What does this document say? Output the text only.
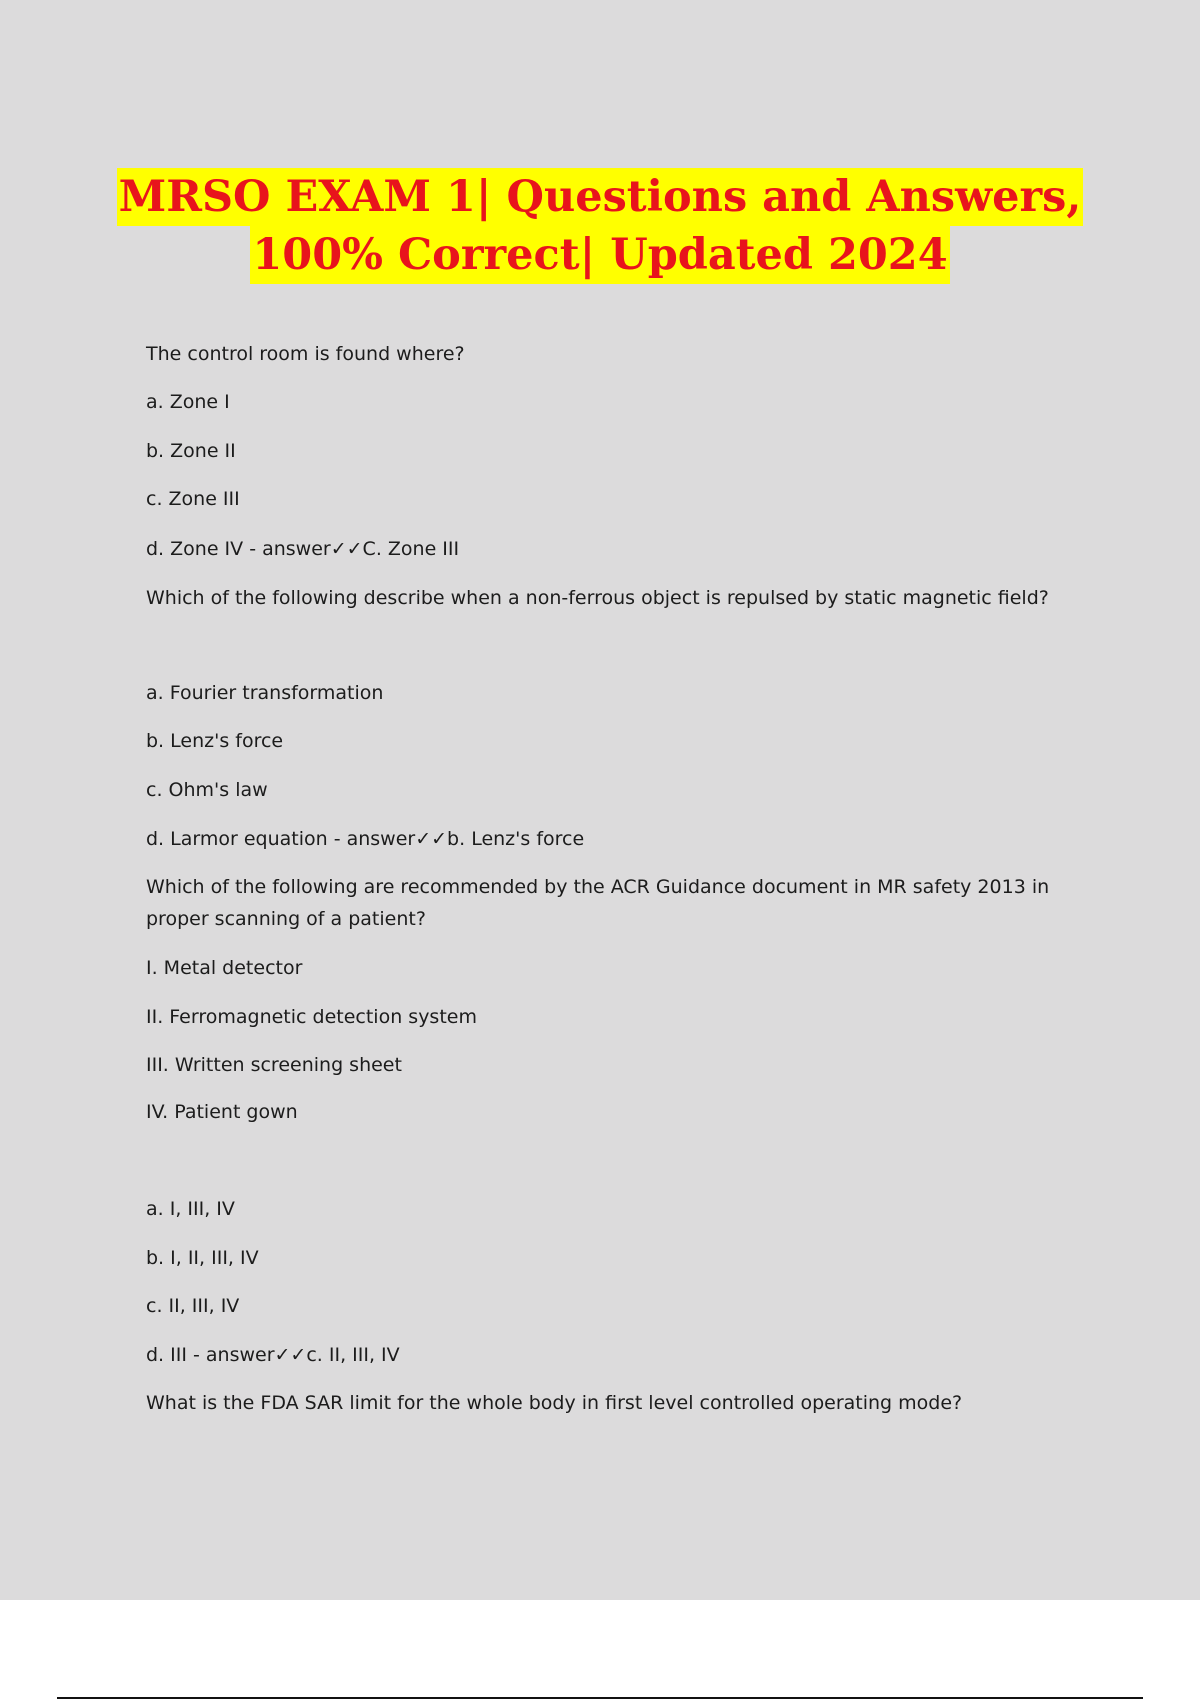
MRSO EXAM 1| Questions and Answers,
100% Correct| Updated 2024
The control room is found where?
a. Zone I
b. Zone II
c. Zone III
d. Zone IV - answer✓✓C. Zone III
Which of the following describe when a non-ferrous object is repulsed by static magnetic field?
a. Fourier transformation
b. Lenz's force
c. Ohm's law
d. Larmor equation - answer✓✓b. Lenz's force
Which of the following are recommended by the ACR Guidance document in MR safety 2013 in proper scanning of a patient?
I. Metal detector
II. Ferromagnetic detection system
III. Written screening sheet
IV. Patient gown
a. I, III, IV
b. I, II, III, IV
c. II, III, IV
d. III - answer✓✓c. II, III, IV
What is the FDA SAR limit for the whole body in first level controlled operating mode?
